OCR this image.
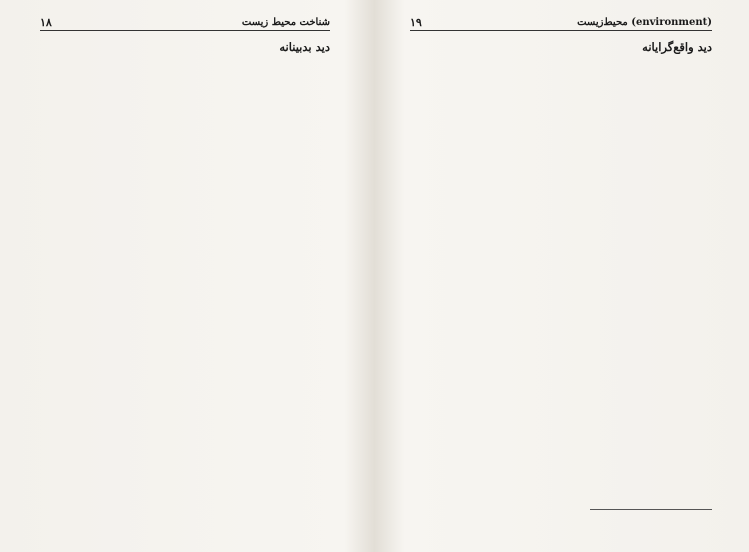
۱۸	شناخت محیط زیست
دید بدبینانه
۱۹	محیط‌زیست (environment)
دید واقع‌گرایانه
